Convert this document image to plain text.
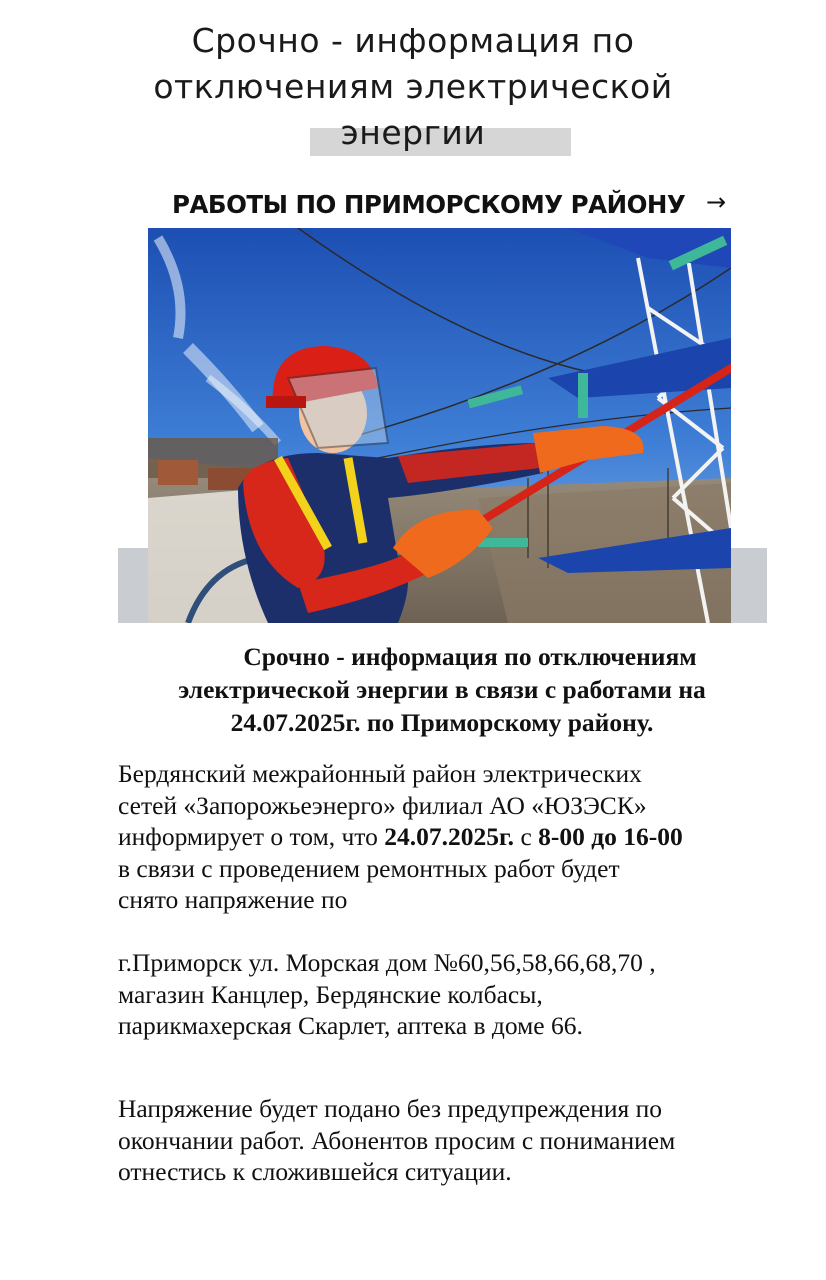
Срочно - информация по
отключениям электрической
энергии
РАБОТЫ ПО ПРИМОРСКОМУ РАЙОНУ →
Срочно - информация по отключениям
электрической энергии в связи с работами на
24.07.2025г. по Приморскому району.
Бердянский межрайонный район электрических
сетей «Запорожьеэнерго» филиал АО «ЮЗЭСК»
информирует о том, что 24.07.2025г. с 8-00 до 16-00
в связи с проведением ремонтных работ будет
снято напряжение по
г.Приморск ул. Морская дом №60,56,58,66,68,70 ,
магазин Канцлер, Бердянские колбасы,
парикмахерская Скарлет, аптека в доме 66.
Напряжение будет подано без предупреждения по
окончании работ. Абонентов просим с пониманием
отнестись к сложившейся ситуации.
